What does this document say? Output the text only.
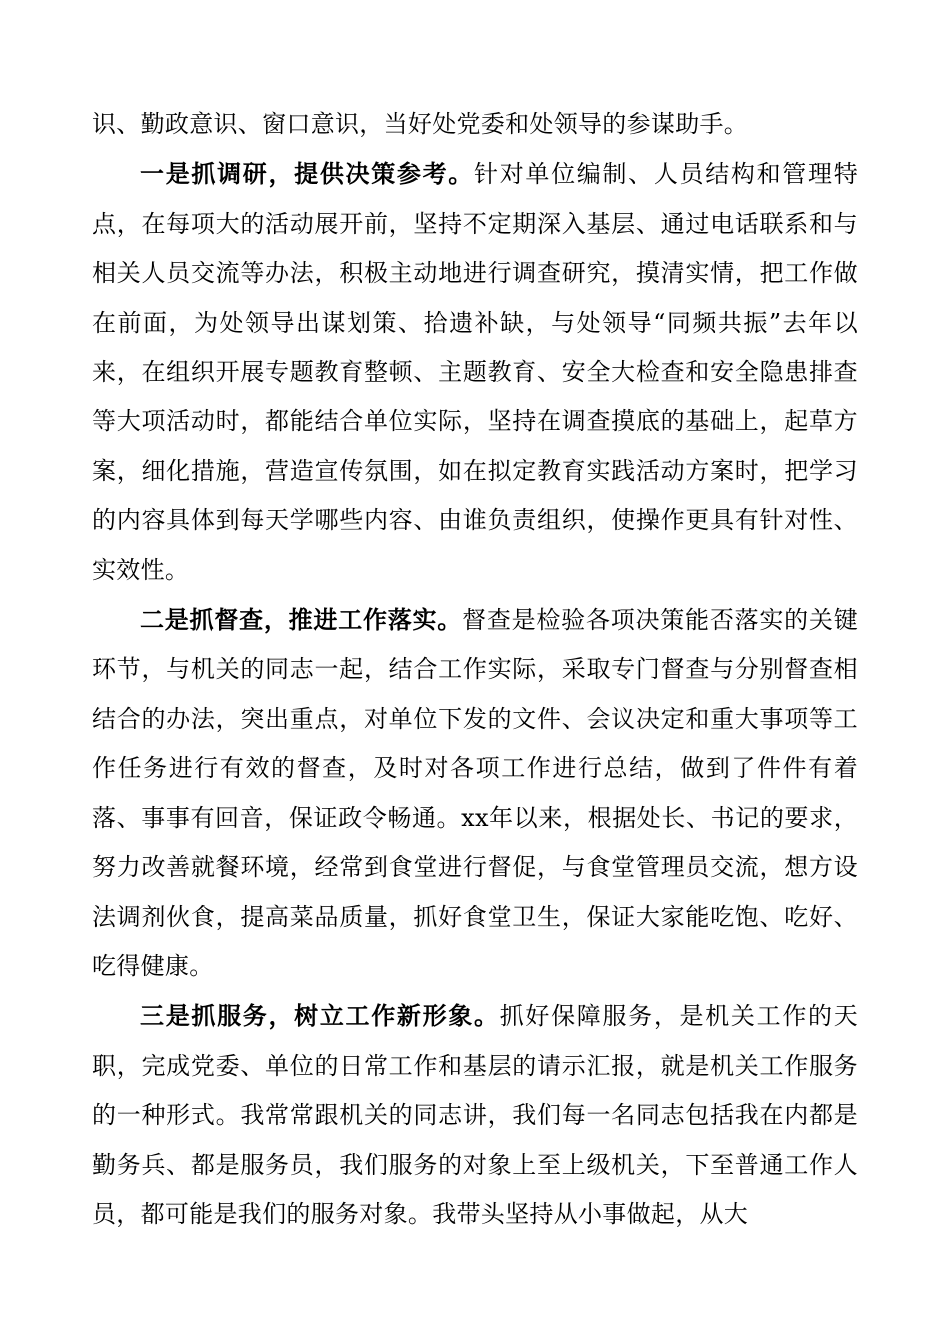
识、勤政意识、窗口意识，当好处党委和处领导的参谋助手。

一是抓调研，提供决策参考。针对单位编制、人员结构和管理特点，在每项大的活动展开前，坚持不定期深入基层、通过电话联系和与相关人员交流等办法，积极主动地进行调查研究，摸清实情，把工作做在前面，为处领导出谋划策、拾遗补缺，与处领导“同频共振”去年以来，在组织开展专题教育整顿、主题教育、安全大检查和安全隐患排查等大项活动时，都能结合单位实际，坚持在调查摸底的基础上，起草方案，细化措施，营造宣传氛围，如在拟定教育实践活动方案时，把学习的内容具体到每天学哪些内容、由谁负责组织，使操作更具有针对性、实效性。

二是抓督查，推进工作落实。督查是检验各项决策能否落实的关键环节，与机关的同志一起，结合工作实际，采取专门督查与分别督查相结合的办法，突出重点，对单位下发的文件、会议决定和重大事项等工作任务进行有效的督查，及时对各项工作进行总结，做到了件件有着落、事事有回音，保证政令畅通。xx年以来，根据处长、书记的要求，努力改善就餐环境，经常到食堂进行督促，与食堂管理员交流，想方设法调剂伙食，提高菜品质量，抓好食堂卫生，保证大家能吃饱、吃好、吃得健康。

三是抓服务，树立工作新形象。抓好保障服务，是机关工作的天职，完成党委、单位的日常工作和基层的请示汇报，就是机关工作服务的一种形式。我常常跟机关的同志讲，我们每一名同志包括我在内都是勤务兵、都是服务员，我们服务的对象上至上级机关，下至普通工作人员，都可能是我们的服务对象。我带头坚持从小事做起，从大
